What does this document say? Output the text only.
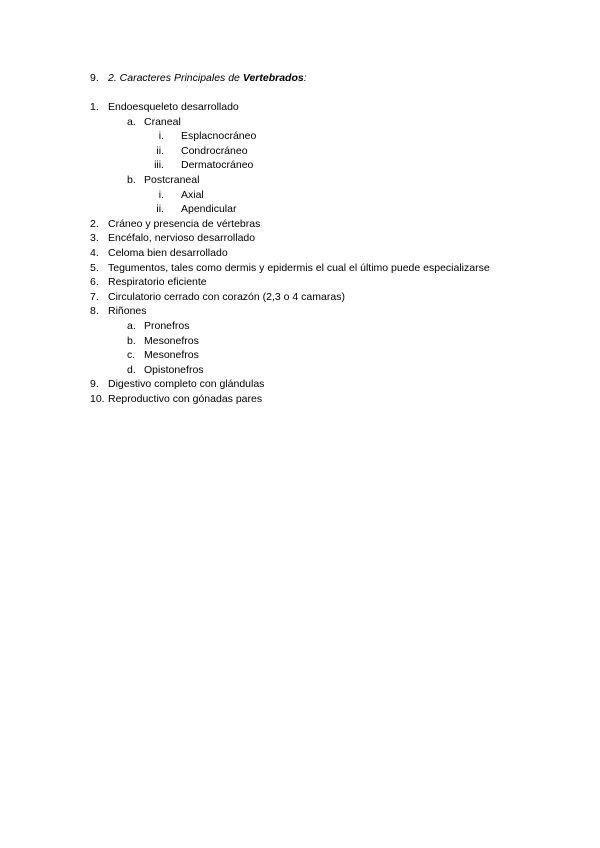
9. 2. Caracteres Principales de Vertebrados:
1. Endoesqueleto desarrollado
a. Craneal
i. Esplacnocráneo
ii. Condrocráneo
iii. Dermatocráneo
b. Postcraneal
i. Axial
ii. Apendicular
2. Cráneo y presencia de vértebras
3. Encéfalo, nervioso desarrollado
4. Celoma bien desarrollado
5. Tegumentos, tales como dermis y epidermis el cual el último puede especializarse
6. Respiratorio eficiente
7. Circulatorio cerrado con corazón (2,3 o 4 camaras)
8. Riñones
a. Pronefros
b. Mesonefros
c. Mesonefros
d. Opistonefros
9. Digestivo completo con glándulas
10. Reproductivo con gónadas pares
